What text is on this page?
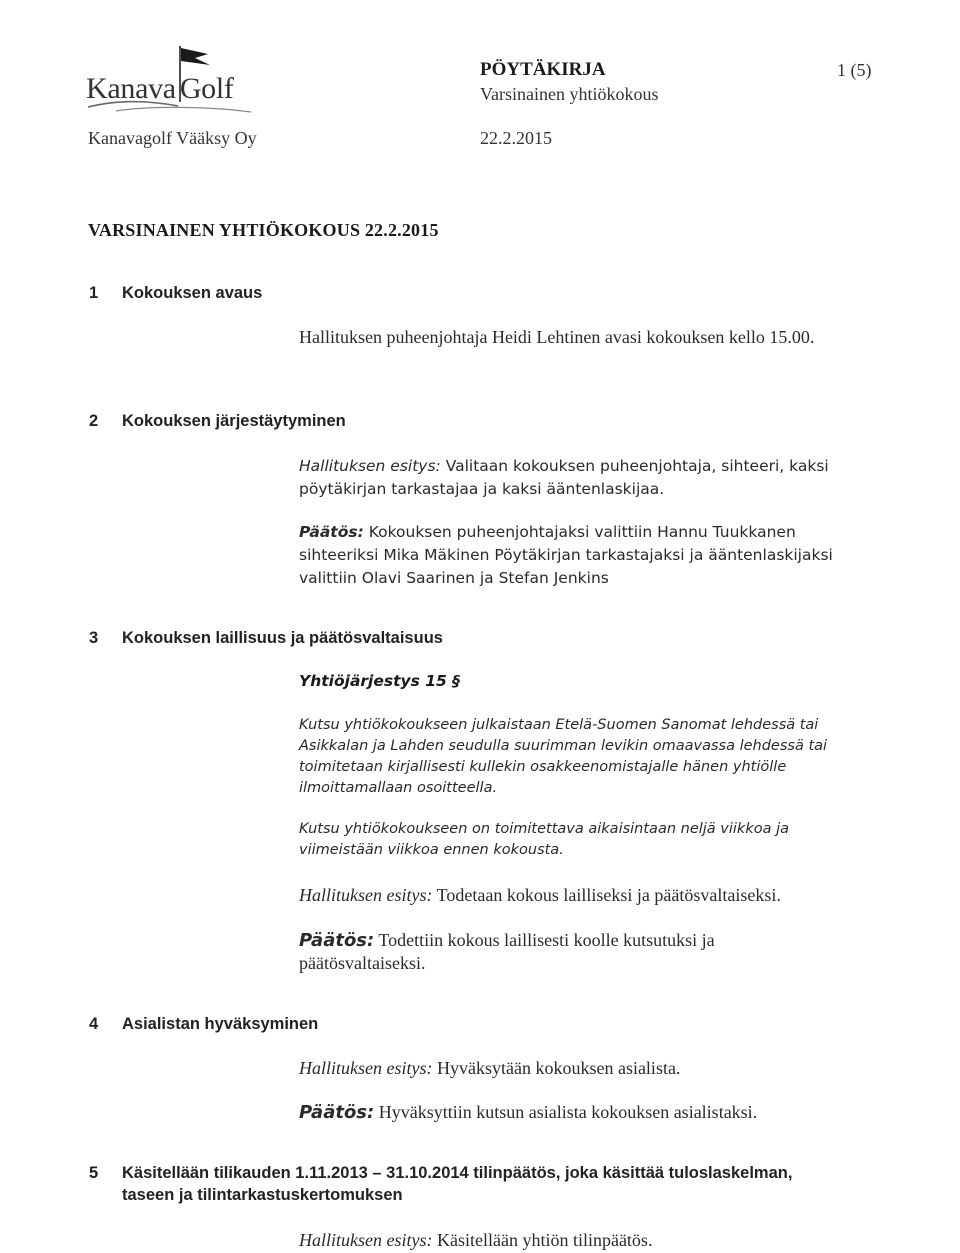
Kanava Golf
Kanavagolf Vääksy Oy
PÖYTÄKIRJA
Varsinainen yhtiökokous
1 (5)
22.2.2015
VARSINAINEN YHTIÖKOKOUS 22.2.2015
1 Kokouksen avaus
Hallituksen puheenjohtaja Heidi Lehtinen avasi kokouksen kello 15.00.
2 Kokouksen järjestäytyminen
Hallituksen esitys: Valitaan kokouksen puheenjohtaja, sihteeri, kaksi pöytäkirjan tarkastajaa ja kaksi ääntenlaskijaa.
Päätös: Kokouksen puheenjohtajaksi valittiin Hannu Tuukkanen sihteeriksi Mika Mäkinen Pöytäkirjan tarkastajaksi ja ääntenlaskijaksi valittiin Olavi Saarinen ja Stefan Jenkins
3 Kokouksen laillisuus ja päätösvaltaisuus
Yhtiöjärjestys 15 §
Kutsu yhtiökokoukseen julkaistaan Etelä-Suomen Sanomat lehdessä tai Asikkalan ja Lahden seudulla suurimman levikin omaavassa lehdessä tai toimitetaan kirjallisesti kullekin osakkeenomistajalle hänen yhtiölle ilmoittamallaan osoitteella.
Kutsu yhtiökokoukseen on toimitettava aikaisintaan neljä viikkoa ja viimeistään viikkoa ennen kokousta.
Hallituksen esitys: Todetaan kokous lailliseksi ja päätösvaltaiseksi.
Päätös: Todettiin kokous laillisesti koolle kutsutuksi ja päätösvaltaiseksi.
4 Asialistan hyväksyminen
Hallituksen esitys: Hyväksytään kokouksen asialista.
Päätös: Hyväksyttiin kutsun asialista kokouksen asialistaksi.
5 Käsitellään tilikauden 1.11.2013 – 31.10.2014 tilinpäätös, joka käsittää tuloslaskelman,
taseen ja tilintarkastuskertomuksen
Hallituksen esitys: Käsitellään yhtiön tilinpäätös.
